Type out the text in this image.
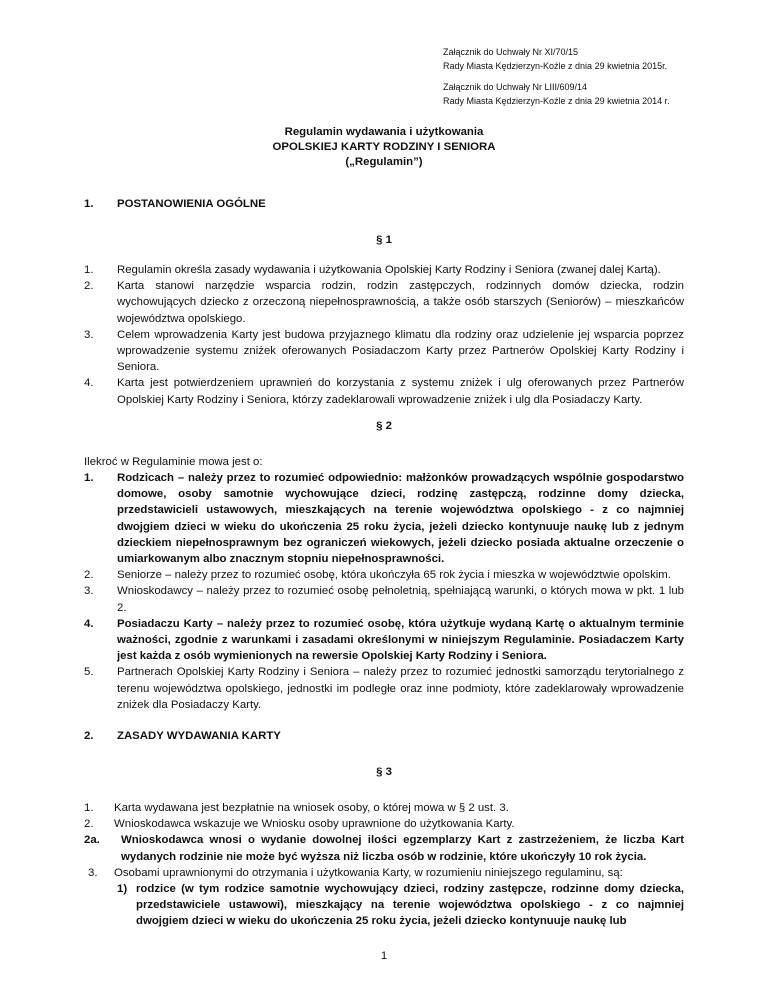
Załącznik do Uchwały Nr XI/70/15
Rady Miasta Kędzierzyn-Koźle z dnia 29 kwietnia 2015r.
Załącznik do Uchwały Nr LIII/609/14
Rady Miasta Kędzierzyn-Koźle z dnia 29 kwietnia 2014 r.
Regulamin wydawania i użytkowania
OPOLSKIEJ KARTY RODZINY I SENIORA
(„Regulamin”)
1. POSTANOWIENIA OGÓLNE
§ 1
1. Regulamin określa zasady wydawania i użytkowania Opolskiej Karty Rodziny i Seniora (zwanej dalej Kartą).
2. Karta stanowi narzędzie wsparcia rodzin, rodzin zastępczych, rodzinnych domów dziecka, rodzin wychowujących dziecko z orzeczoną niepełnosprawnością, a także osób starszych (Seniorów) – mieszkańców województwa opolskiego.
3. Celem wprowadzenia Karty jest budowa przyjaznego klimatu dla rodziny oraz udzielenie jej wsparcia poprzez wprowadzenie systemu zniżek oferowanych Posiadaczom Karty przez Partnerów Opolskiej Karty Rodziny i Seniora.
4. Karta jest potwierdzeniem uprawnień do korzystania z systemu zniżek i ulg oferowanych przez Partnerów Opolskiej Karty Rodziny i Seniora, którzy zadeklarowali wprowadzenie zniżek i ulg dla Posiadaczy Karty.
§ 2
Ilekroć w Regulaminie mowa jest o:
1. Rodzicach – należy przez to rozumieć odpowiednio: małżonków prowadzących wspólnie gospodarstwo domowe, osoby samotnie wychowujące dzieci, rodzinę zastępczą, rodzinne domy dziecka, przedstawicieli ustawowych, mieszkających na terenie województwa opolskiego - z co najmniej dwojgiem dzieci w wieku do ukończenia 25 roku życia, jeżeli dziecko kontynuuje naukę lub z jednym dzieckiem niepełnosprawnym bez ograniczeń wiekowych, jeżeli dziecko posiada aktualne orzeczenie o umiarkowanym albo znacznym stopniu niepełnosprawności.
2. Seniorze – należy przez to rozumieć osobę, która ukończyła 65 rok życia i mieszka w województwie opolskim.
3. Wnioskodawcy – należy przez to rozumieć osobę pełnoletnią, spełniającą warunki, o których mowa w pkt. 1 lub 2.
4. Posiadaczu Karty – należy przez to rozumieć osobę, która użytkuje wydaną Kartę o aktualnym terminie ważności, zgodnie z warunkami i zasadami określonymi w niniejszym Regulaminie. Posiadaczem Karty jest każda z osób wymienionych na rewersie Opolskiej Karty Rodziny i Seniora.
5. Partnerach Opolskiej Karty Rodziny i Seniora – należy przez to rozumieć jednostki samorządu terytorialnego z terenu województwa opolskiego, jednostki im podległe oraz inne podmioty, które zadeklarowały wprowadzenie zniżek dla Posiadaczy Karty.
2. ZASADY WYDAWANIA KARTY
§ 3
1. Karta wydawana jest bezpłatnie na wniosek osoby, o której mowa w § 2 ust. 3.
2. Wnioskodawca wskazuje we Wniosku osoby uprawnione do użytkowania Karty.
2a. Wnioskodawca wnosi o wydanie dowolnej ilości egzemplarzy Kart z zastrzeżeniem, że liczba Kart wydanych rodzinie nie może być wyższa niż liczba osób w rodzinie, które ukończyły 10 rok życia.
3. Osobami uprawnionymi do otrzymania i użytkowania Karty, w rozumieniu niniejszego regulaminu, są:
1) rodzice (w tym rodzice samotnie wychowujący dzieci, rodziny zastępcze, rodzinne domy dziecka, przedstawiciele ustawowi), mieszkający na terenie województwa opolskiego - z co najmniej dwojgiem dzieci w wieku do ukończenia 25 roku życia, jeżeli dziecko kontynuuje naukę lub
1
